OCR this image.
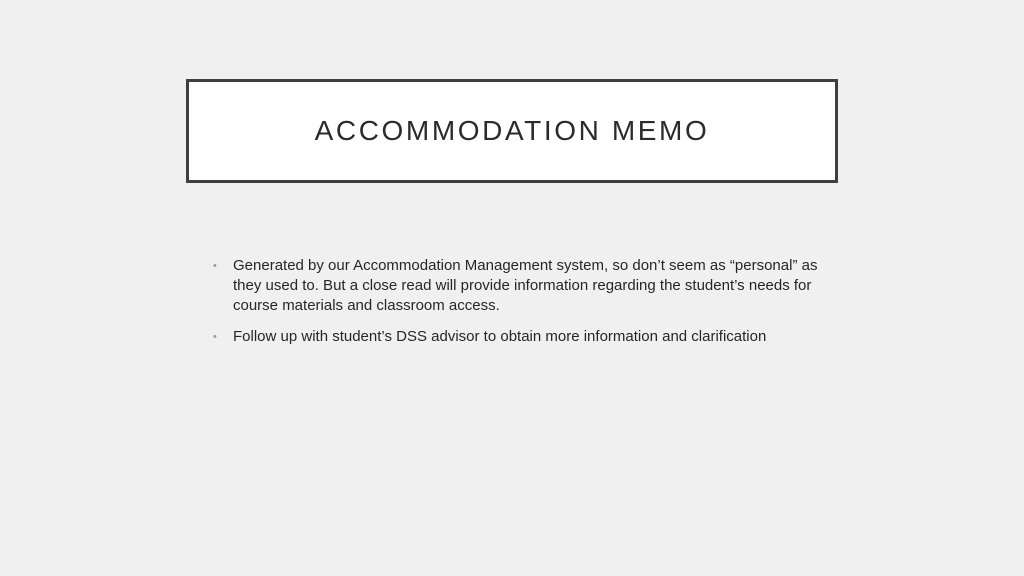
ACCOMMODATION MEMO
•	Generated by our Accommodation Management system, so don’t seem as “personal” as they used to. But a close read will provide information regarding the student’s needs for course materials and classroom access.
•	Follow up with student’s DSS advisor to obtain more information and clarification
